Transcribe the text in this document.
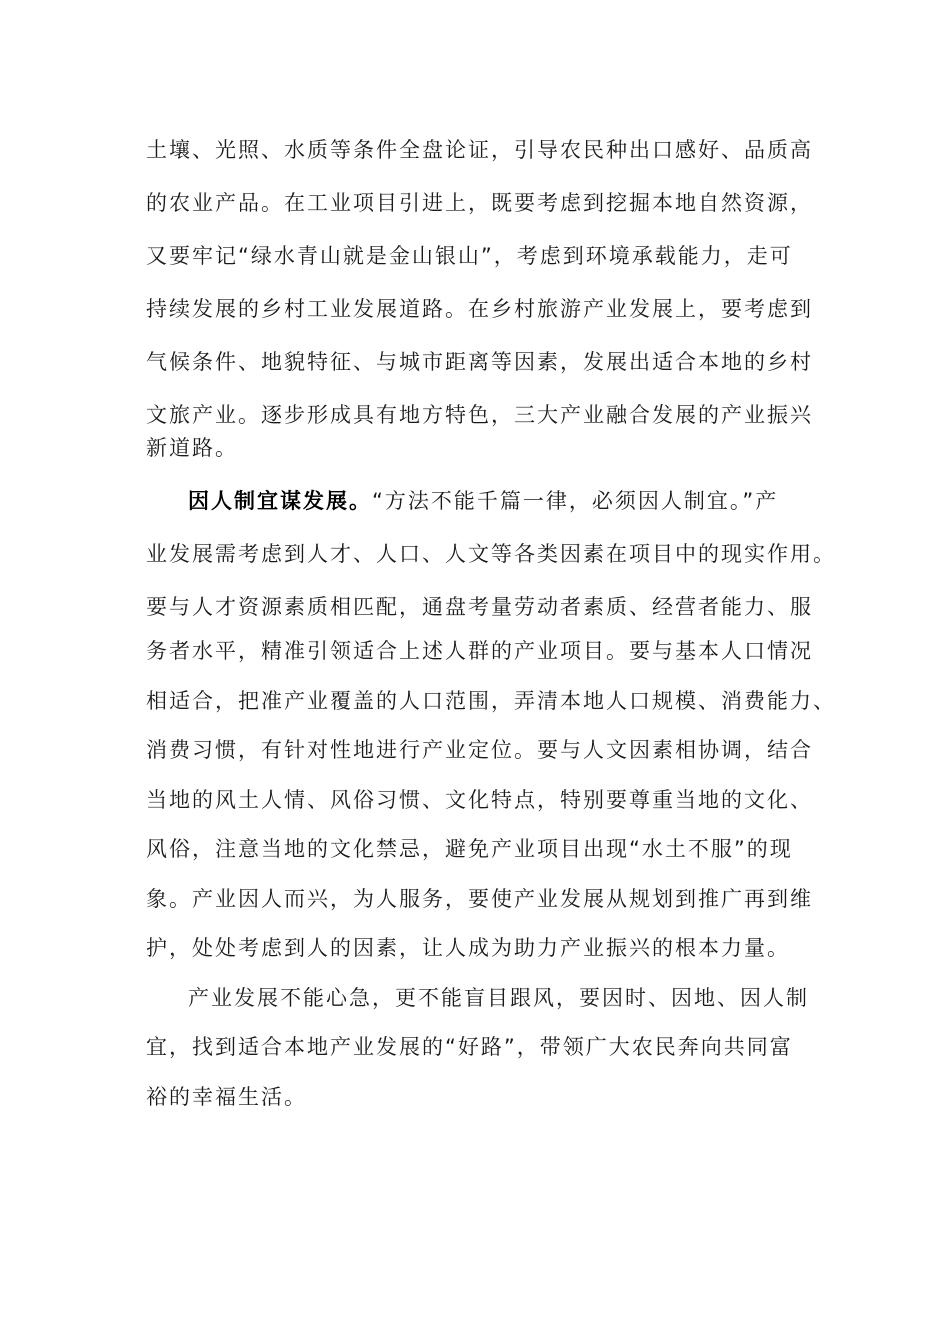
土壤、光照、水质等条件全盘论证，引导农民种出口感好、品质高
的农业产品。在工业项目引进上，既要考虑到挖掘本地自然资源，
又要牢记“绿水青山就是金山银山”，考虑到环境承载能力，走可
持续发展的乡村工业发展道路。在乡村旅游产业发展上，要考虑到
气候条件、地貌特征、与城市距离等因素，发展出适合本地的乡村
文旅产业。逐步形成具有地方特色，三大产业融合发展的产业振兴
新道路。
因人制宜谋发展。“方法不能千篇一律，必须因人制宜。”产
业发展需考虑到人才、人口、人文等各类因素在项目中的现实作用。
要与人才资源素质相匹配，通盘考量劳动者素质、经营者能力、服
务者水平，精准引领适合上述人群的产业项目。要与基本人口情况
相适合，把准产业覆盖的人口范围，弄清本地人口规模、消费能力、
消费习惯，有针对性地进行产业定位。要与人文因素相协调，结合
当地的风土人情、风俗习惯、文化特点，特别要尊重当地的文化、
风俗，注意当地的文化禁忌，避免产业项目出现“水土不服”的现
象。产业因人而兴，为人服务，要使产业发展从规划到推广再到维
护，处处考虑到人的因素，让人成为助力产业振兴的根本力量。
产业发展不能心急，更不能盲目跟风，要因时、因地、因人制
宜，找到适合本地产业发展的“好路”，带领广大农民奔向共同富
裕的幸福生活。
